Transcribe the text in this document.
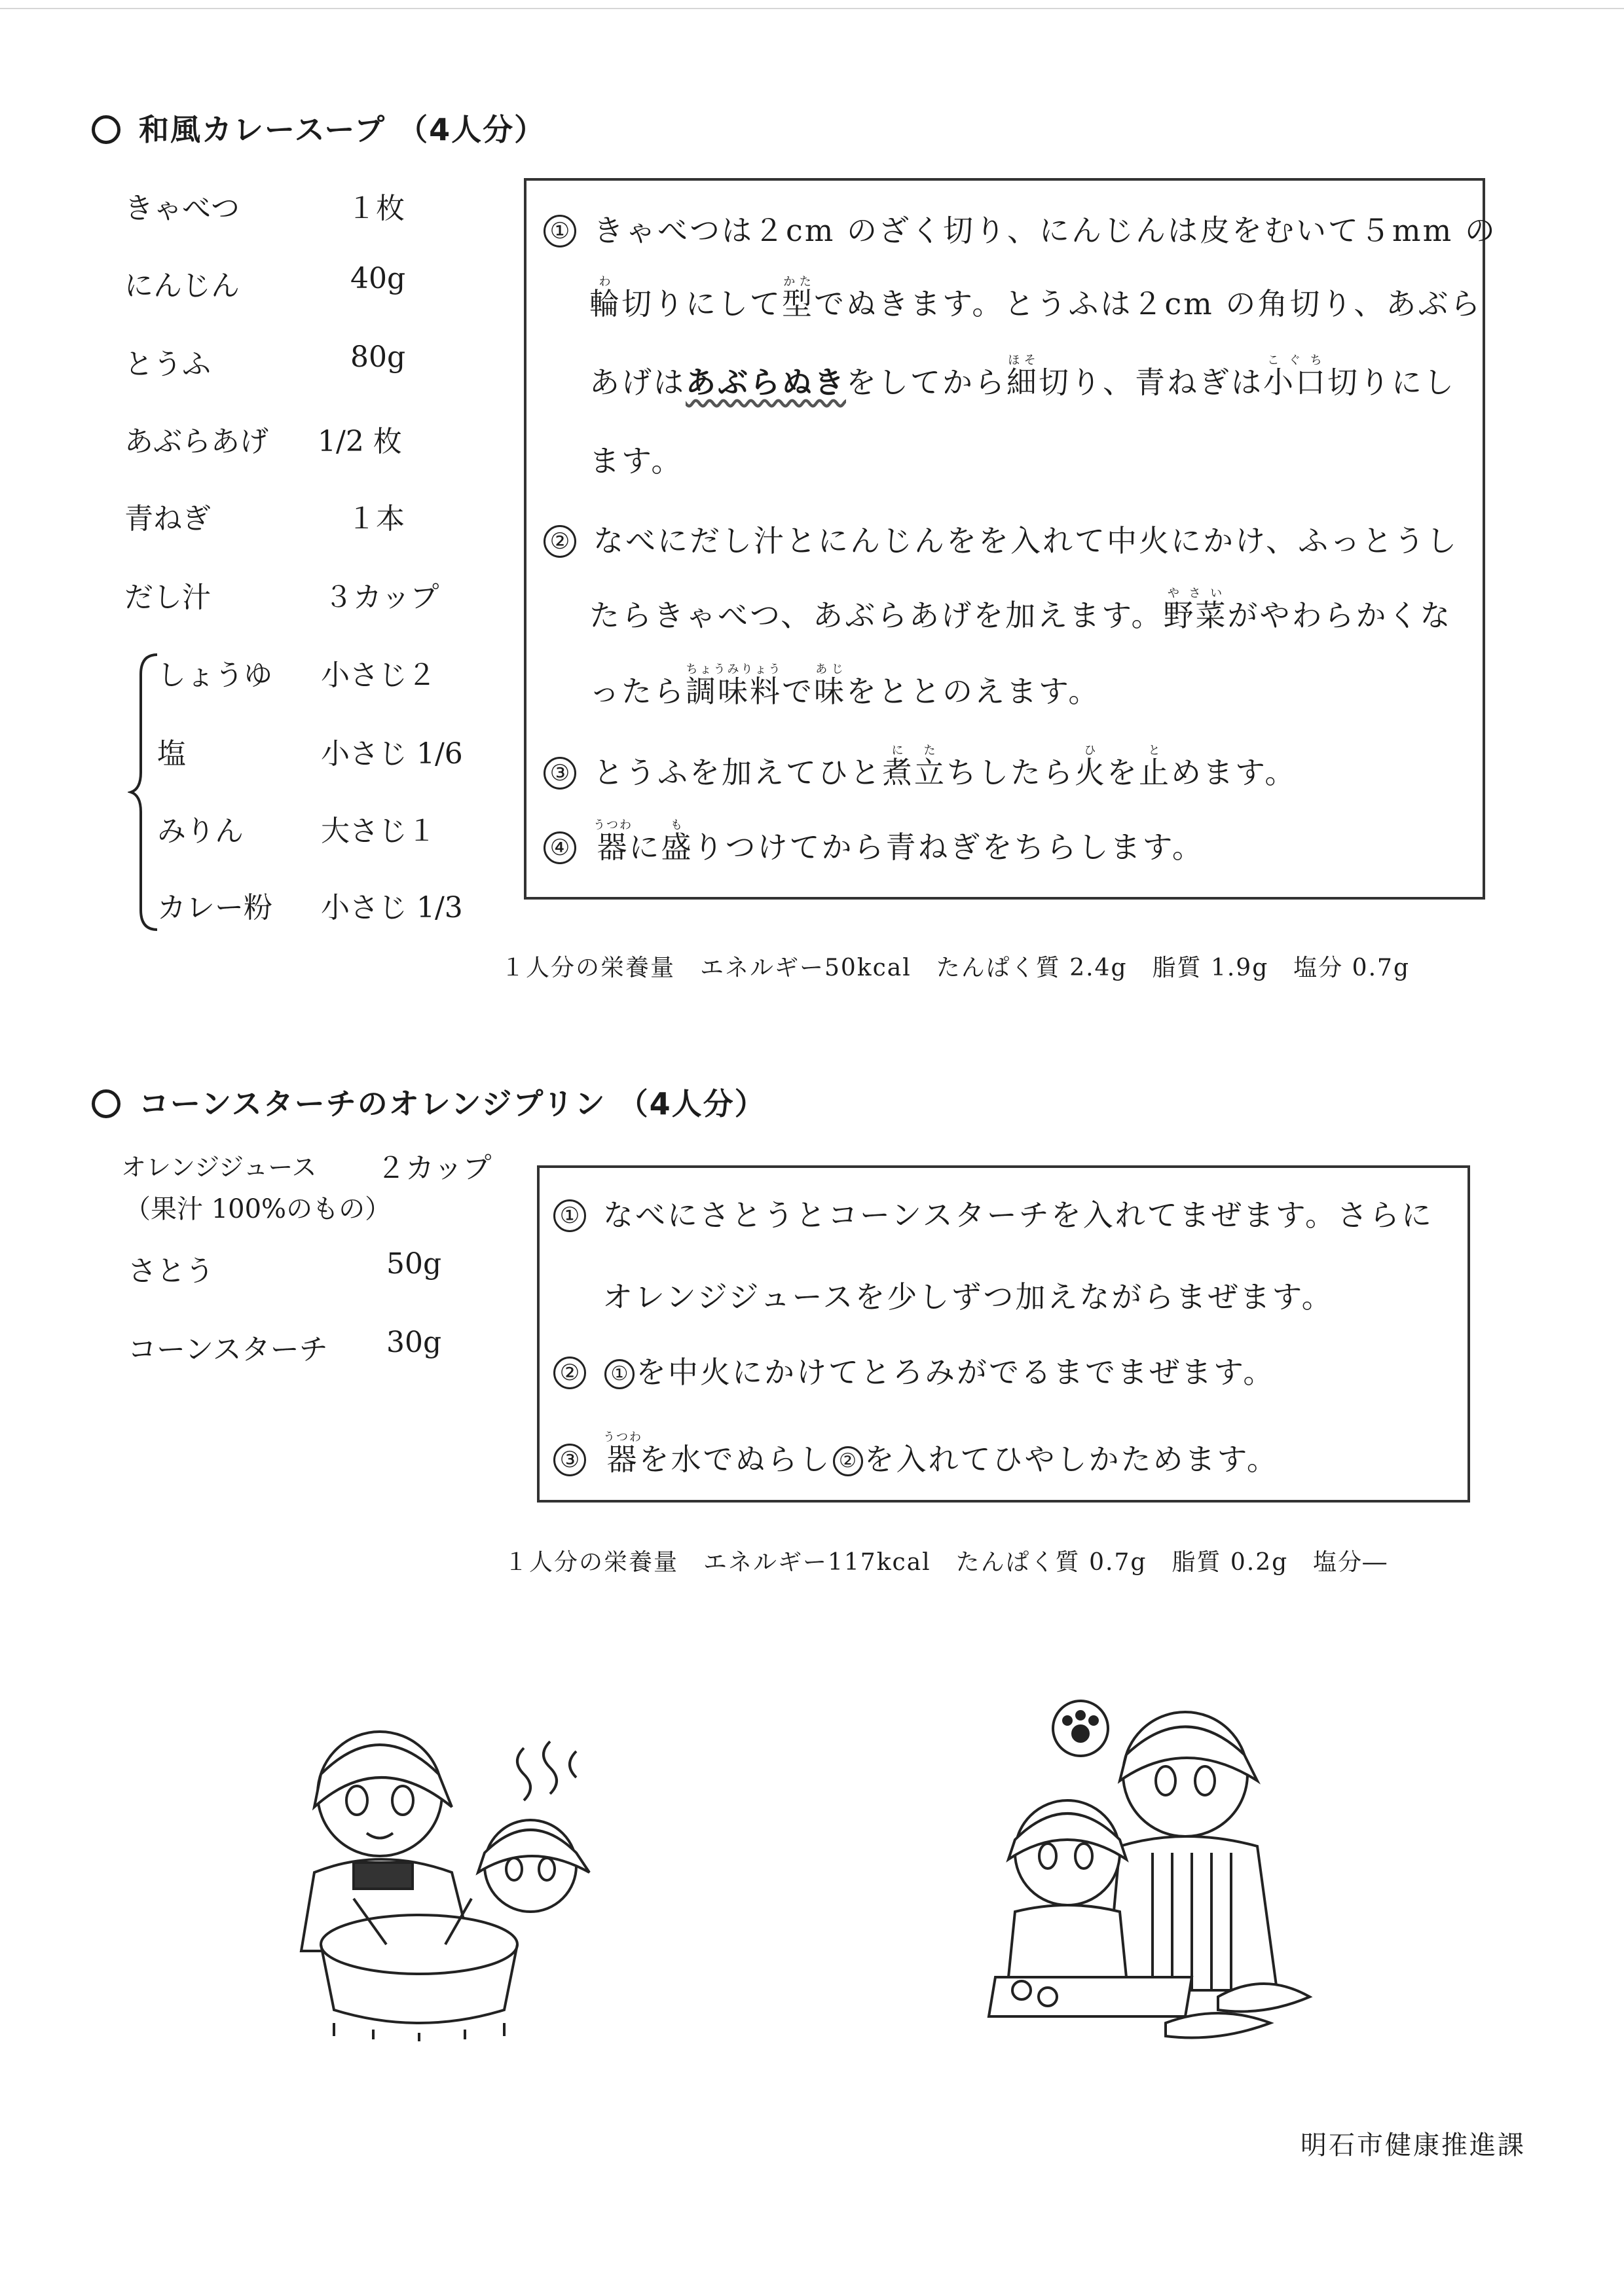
和風カレースープ （4人分）
きゃべつ	１枚
にんじん	40g
とうふ	80g
あぶらあげ 1/2 枚
青ねぎ	１本
だし汁	３カップ
しょうゆ 小さじ２
塩	小さじ 1/6
みりん	大さじ１
カレー粉 小さじ 1/3
① きゃべつは２cm のざく切り、にんじんは皮をむいて５mm の
輪わ切りにして型かたでぬきます。とうふは２cm の角切り、あぶら
あげはあぶらぬきをしてから細ほそ切り、青ねぎは小口こぐち切りにし
ます。
② なべにだし汁とにんじんをを入れて中火にかけ、ふっとうし
たらきゃべつ、あぶらあげを加えます。野菜やさいがやわらかくな
ったら調味料ちょうみりょうで味あじをととのえます。
③ とうふを加えてひと煮に立たちしたら火ひを止とめます。
④ 器うつわに盛もりつけてから青ねぎをちらします。
１人分の栄養量　エネルギー50kcal　たんぱく質 2.4g　脂質 1.9g　塩分 0.7g
コーンスターチのオレンジプリン （4人分）
オレンジジュース ２カップ
（果汁 100%のもの）
さとう	50g
コーンスターチ 30g
① なべにさとうとコーンスターチを入れてまぜます。さらに
オレンジジュースを少しずつ加えながらまぜます。
② ① を中火にかけてとろみがでるまでまぜます。
③ 器うつわを水でぬらし ② を入れてひやしかためます。
１人分の栄養量　エネルギー117kcal　たんぱく質 0.7g　脂質 0.2g　塩分―
明石市健康推進課
